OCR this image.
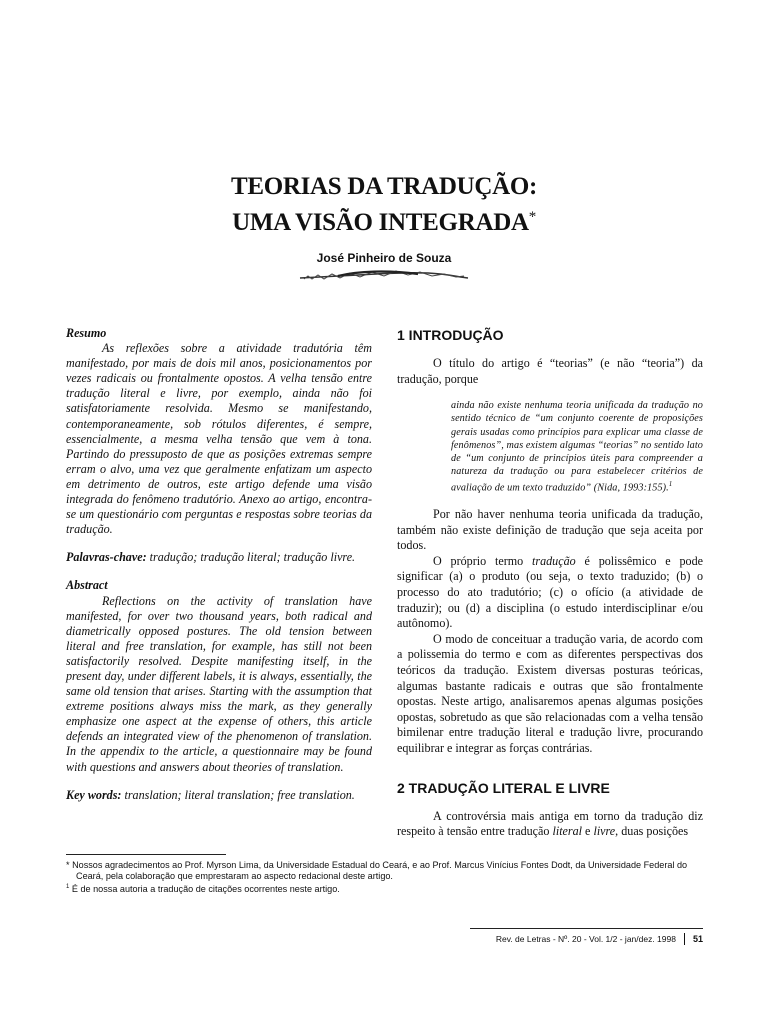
TEORIAS DA TRADUÇÃO:
UMA VISÃO INTEGRADA*
José Pinheiro de Souza

Resumo

As reflexões sobre a atividade tradutória têm manifestado, por mais de dois mil anos, posicionamentos por vezes radicais ou frontalmente opostos. A velha tensão entre tradução literal e livre, por exemplo, ainda não foi satisfatoriamente resolvida. Mesmo se manifestando, contemporaneamente, sob rótulos diferentes, é sempre, essencialmente, a mesma velha tensão que vem à tona. Partindo do pressuposto de que as posições extremas sempre erram o alvo, uma vez que geralmente enfatizam um aspecto em detrimento de outros, este artigo defende uma visão integrada do fenômeno tradutório. Anexo ao artigo, encontra-se um questionário com perguntas e respostas sobre teorias da tradução.

Palavras-chave: tradução; tradução literal; tradução livre.

Abstract

Reflections on the activity of translation have manifested, for over two thousand years, both radical and diametrically opposed postures. The old tension between literal and free translation, for example, has still not been satisfactorily resolved. Despite manifesting itself, in the present day, under different labels, it is always, essentially, the same old tension that arises. Starting with the assumption that extreme positions always miss the mark, as they generally emphasize one aspect at the expense of others, this article defends an integrated view of the phenomenon of translation. In the appendix to the article, a questionnaire may be found with questions and answers about theories of translation.

Key words: translation; literal translation; free translation.

1 INTRODUÇÃO

O título do artigo é “teorias” (e não “teoria”) da tradução, porque

ainda não existe nenhuma teoria unificada da tradução no sentido técnico de “um conjunto coerente de proposições gerais usadas como princípios para explicar uma classe de fenômenos”, mas existem algumas “teorias” no sentido lato de “um conjunto de princípios úteis para compreender a natureza da tradução ou para estabelecer critérios de avaliação de um texto traduzido” (Nida, 1993:155).$^1$

Por não haver nenhuma teoria unificada da tradução, também não existe definição de tradução que seja aceita por todos.

O próprio termo tradução é polissêmico e pode significar (a) o produto (ou seja, o texto traduzido; (b) o processo do ato tradutório; (c) o ofício (a atividade de traduzir); ou (d) a disciplina (o estudo interdisciplinar e/ou autônomo).

O modo de conceituar a tradução varia, de acordo com a polissemia do termo e com as diferentes perspectivas dos teóricos da tradução. Existem diversas posturas teóricas, algumas bastante radicais e outras que são frontalmente opostas. Neste artigo, analisaremos apenas algumas posições opostas, sobretudo as que são relacionadas com a velha tensão bimilenar entre tradução literal e tradução livre, procurando equilibrar e integrar as forças contrárias.

2 TRADUÇÃO LITERAL E LIVRE

A controvérsia mais antiga em torno da tradução diz respeito à tensão entre tradução literal e livre, duas posições

* Nossos agradecimentos ao Prof. Myrson Lima, da Universidade Estadual do Ceará, e ao Prof. Marcus Vinícius Fontes Dodt, da Universidade Federal do Ceará, pela colaboração que emprestaram ao aspecto redacional deste artigo.

$^1$ É de nossa autoria a tradução de citações ocorrentes neste artigo.

Rev. de Letras - Nº. 20 - Vol. 1/2 - jan/dez. 1998 51
